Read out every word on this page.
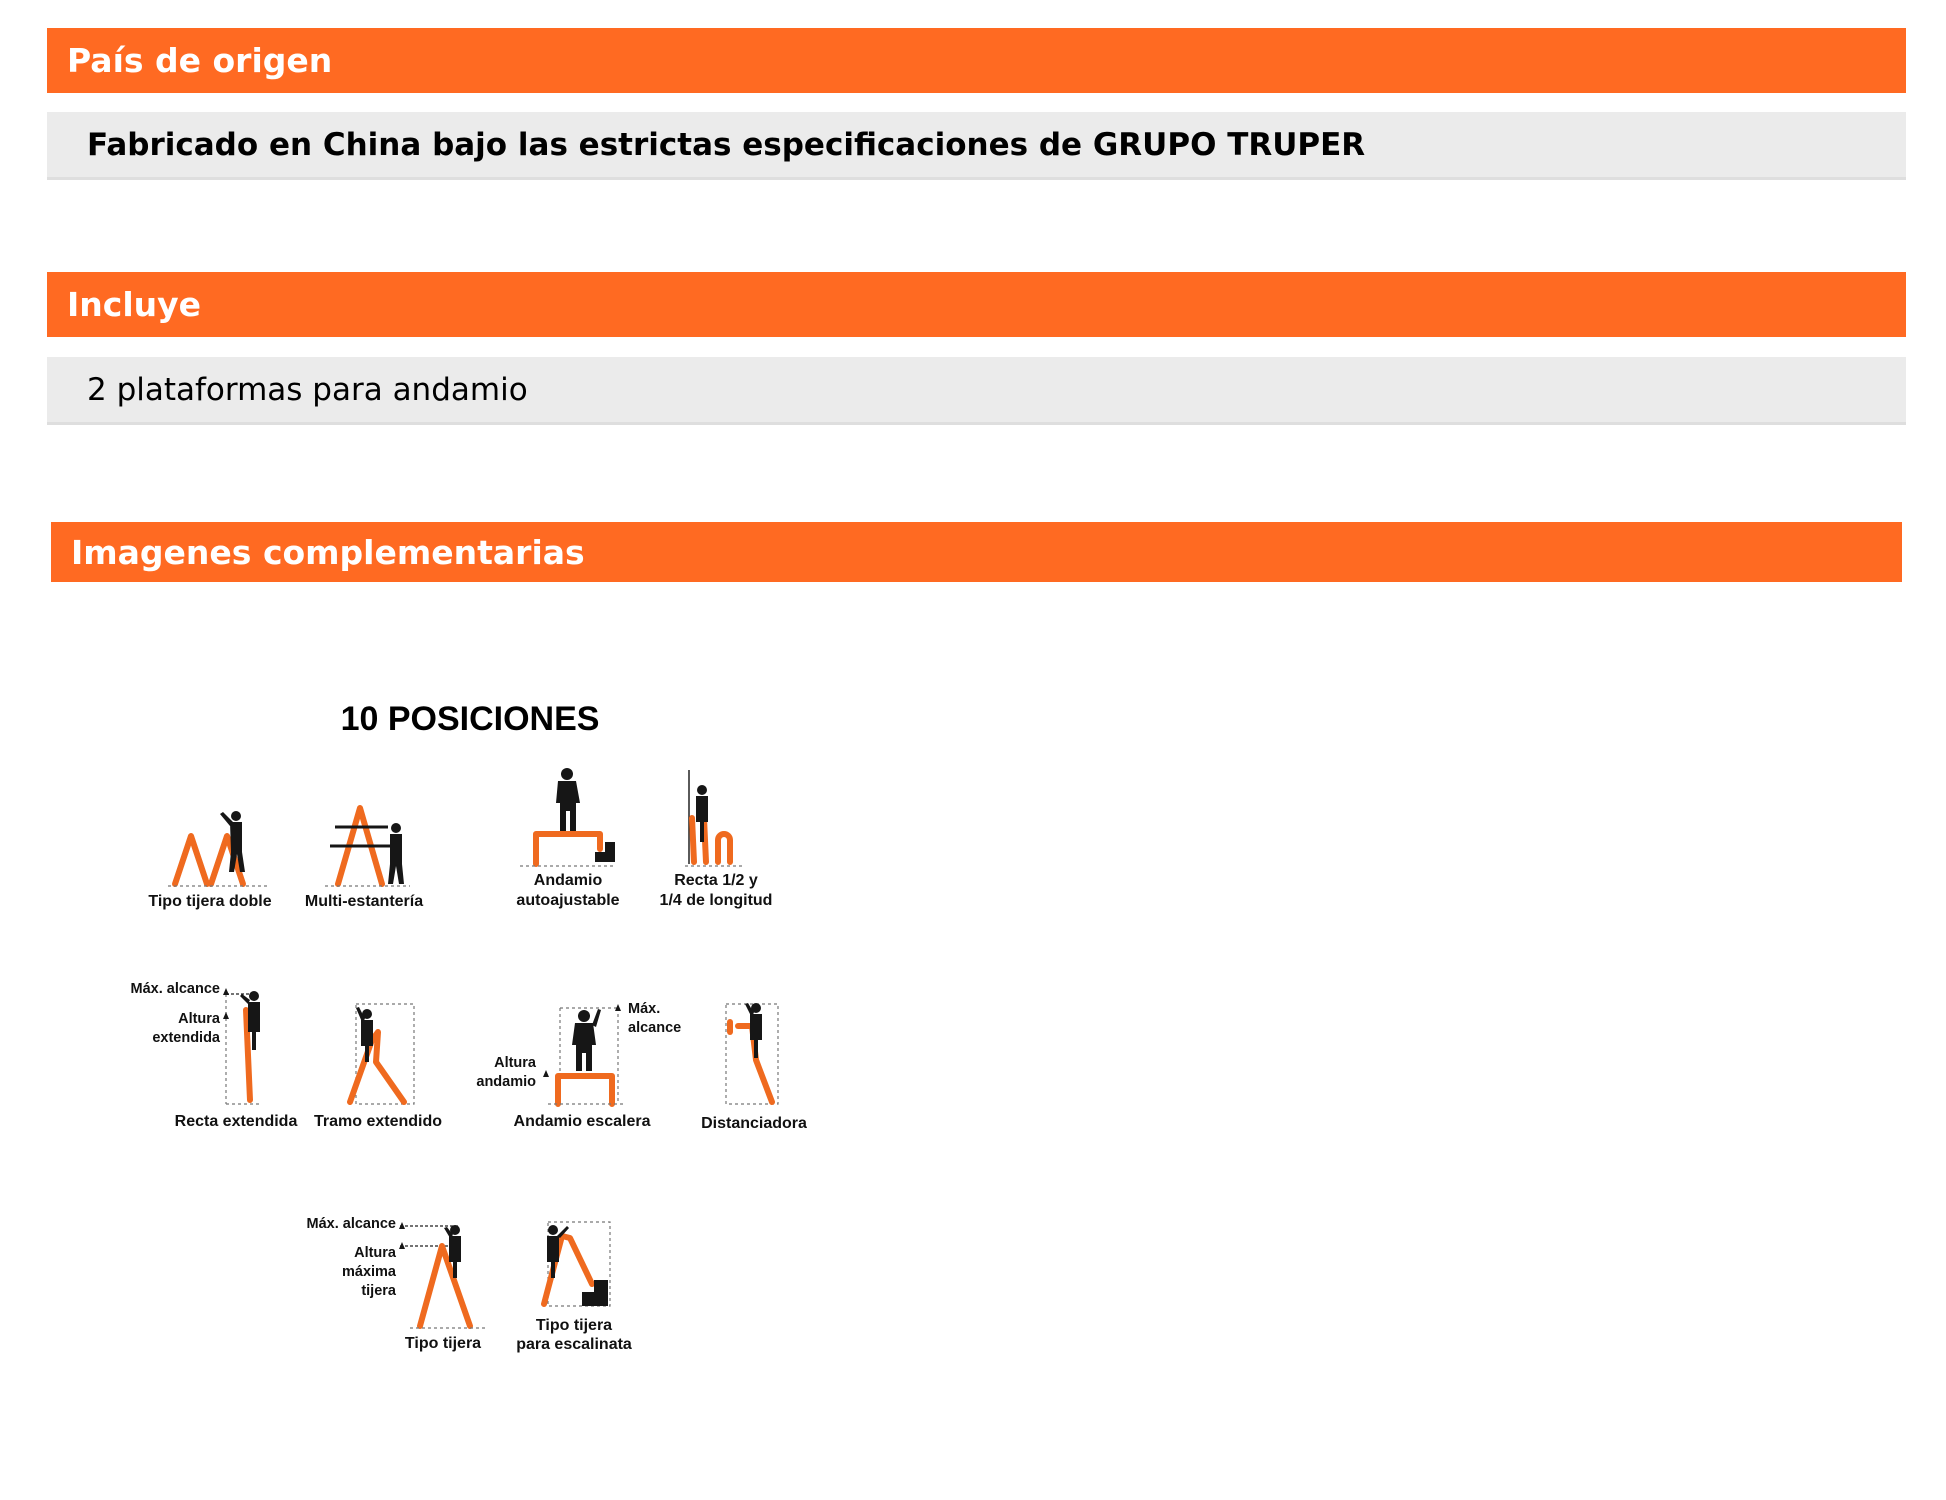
País de origen
Fabricado en China bajo las estrictas especificaciones de GRUPO TRUPER
Incluye
2 plataformas para andamio
Imagenes complementarias
10 POSICIONES
Tipo tijera doble Multi-estantería
Andamio
autoajustable
Recta 1/2 y
1/4 de longitud
Máx. alcance
Altura
extendida
Recta extendida Tramo extendido
Máx.
alcance
Altura
andamio
Andamio escalera	Distanciadora
Máx. alcance
Altura
máxima
tijera
Tipo tijera
Tipo tijera
para escalinata
